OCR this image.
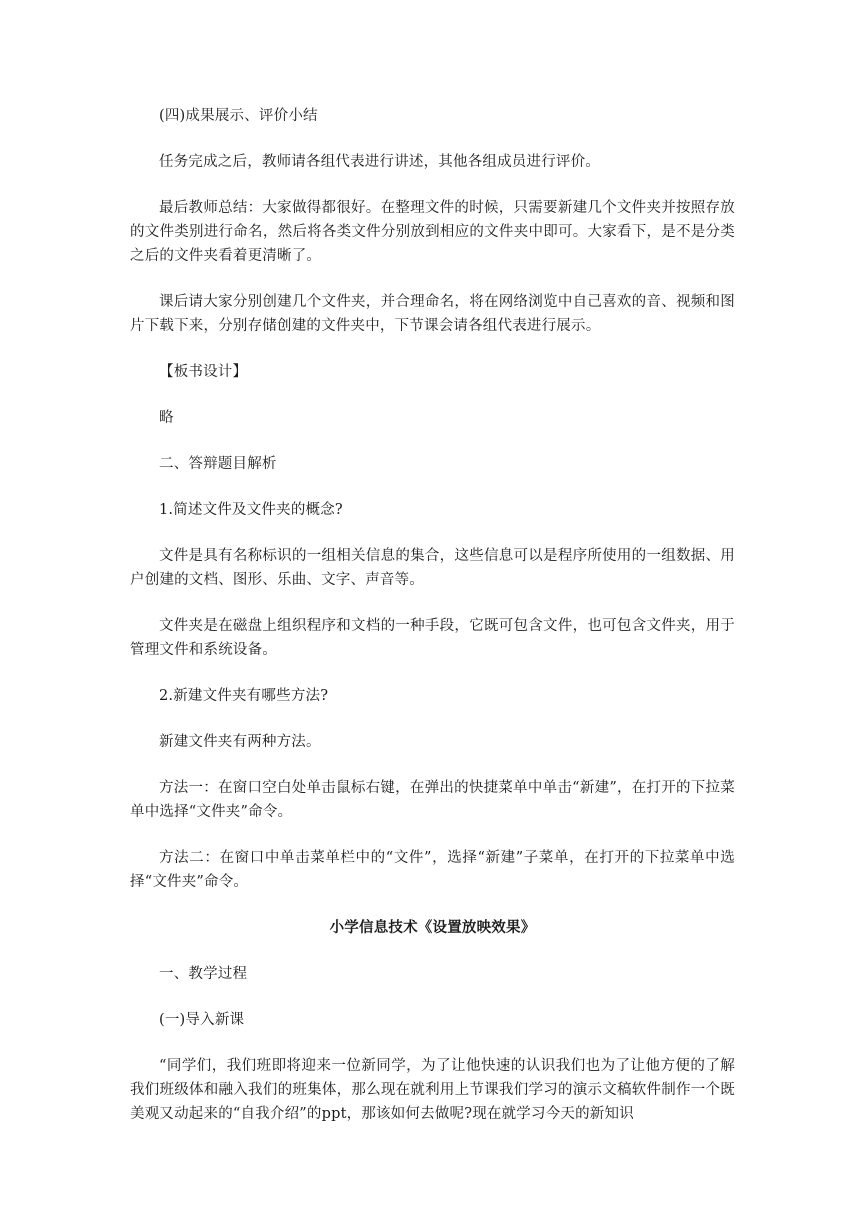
(四)成果展示、评价小结

任务完成之后，教师请各组代表进行讲述，其他各组成员进行评价。

最后教师总结：大家做得都很好。在整理文件的时候，只需要新建几个文件夹并按照存放的文件类别进行命名，然后将各类文件分别放到相应的文件夹中即可。大家看下，是不是分类之后的文件夹看着更清晰了。

课后请大家分别创建几个文件夹，并合理命名，将在网络浏览中自己喜欢的音、视频和图片下载下来，分别存储创建的文件夹中，下节课会请各组代表进行展示。

【板书设计】

略

二、答辩题目解析

1.简述文件及文件夹的概念?

文件是具有名称标识的一组相关信息的集合，这些信息可以是程序所使用的一组数据、用户创建的文档、图形、乐曲、文字、声音等。

文件夹是在磁盘上组织程序和文档的一种手段，它既可包含文件，也可包含文件夹，用于管理文件和系统设备。

2.新建文件夹有哪些方法?

新建文件夹有两种方法。

方法一：在窗口空白处单击鼠标右键，在弹出的快捷菜单中单击“新建”，在打开的下拉菜单中选择“文件夹”命令。

方法二：在窗口中单击菜单栏中的“文件”，选择“新建”子菜单，在打开的下拉菜单中选择“文件夹”命令。

小学信息技术《设置放映效果》

一、教学过程

(一)导入新课

“同学们，我们班即将迎来一位新同学，为了让他快速的认识我们也为了让他方便的了解我们班级体和融入我们的班集体，那么现在就利用上节课我们学习的演示文稿软件制作一个既美观又动起来的“自我介绍”的ppt，那该如何去做呢?现在就学习今天的新知识
